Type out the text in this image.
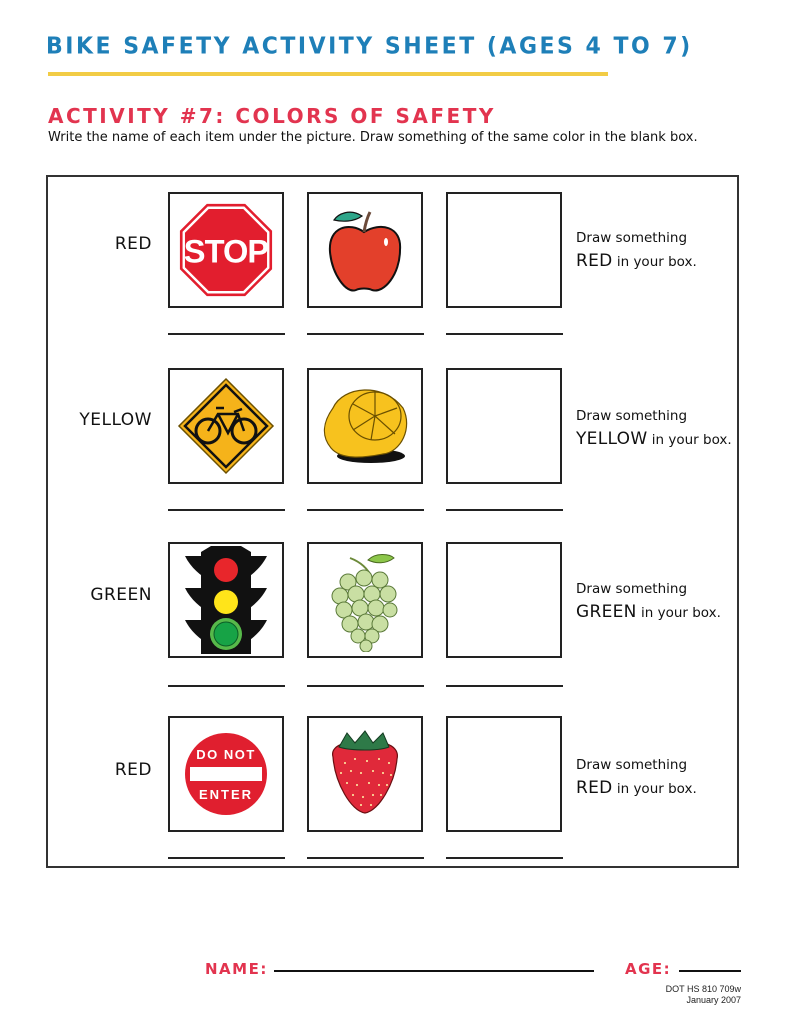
BIKE SAFETY ACTIVITY SHEET (AGES 4 TO 7)
ACTIVITY #7: COLORS OF SAFETY
Write the name of each item under the picture. Draw something of the same color in the blank box.
RED STOP	Draw something
RED in your box.
YELLOW	Draw something
YELLOW in your box.
GREEN	Draw something
GREEN in your box.
RED
DO NOT
ENTER
Draw something
RED in your box.
NAME:	AGE:
DOT HS 810 709w
January 2007
